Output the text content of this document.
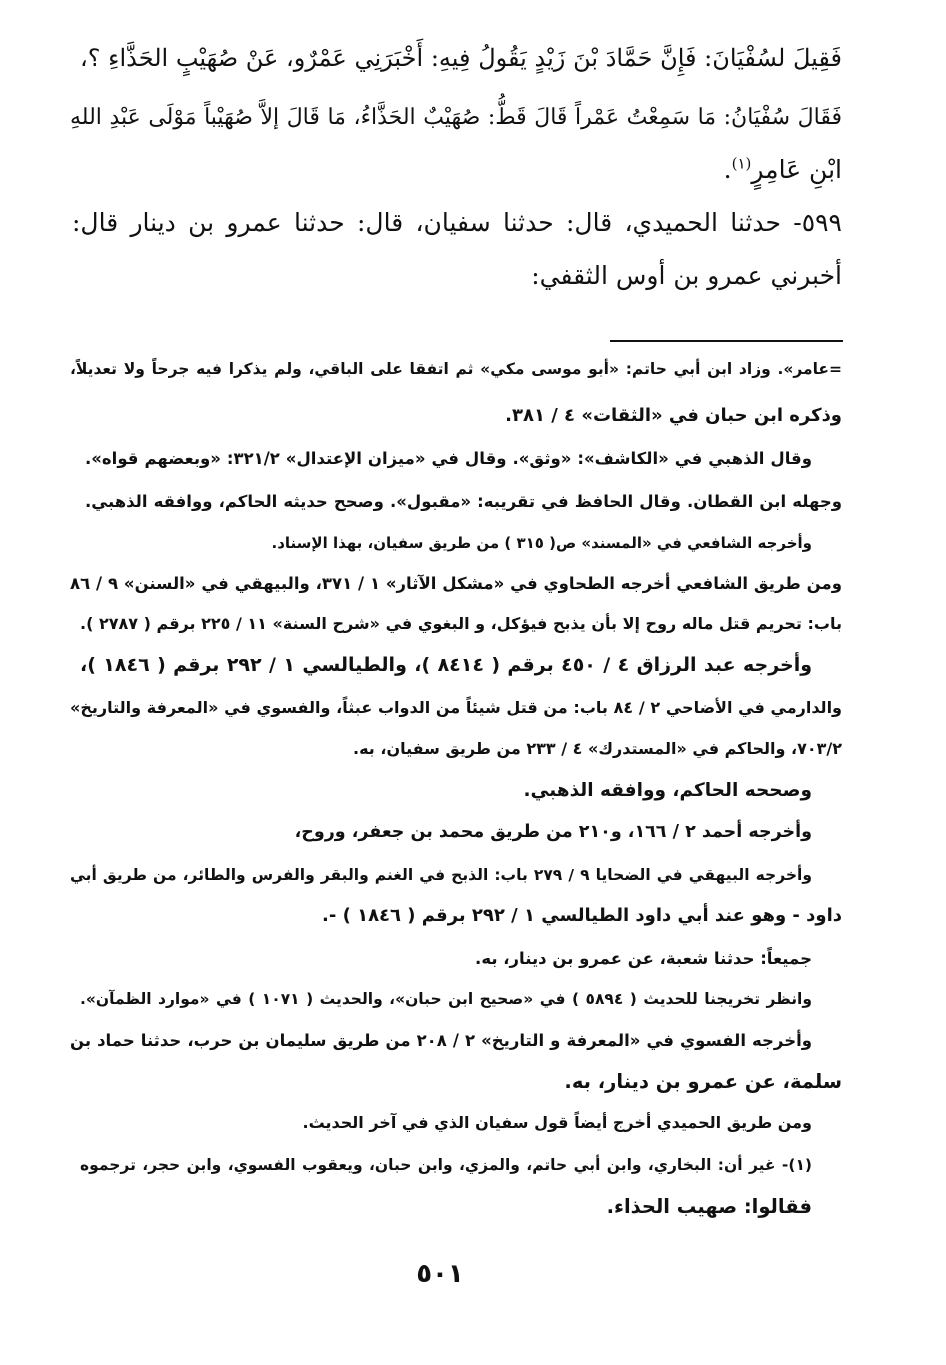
فَقِيلَ لسُفْيَانَ: فَإِنَّ حَمَّادَ بْنَ زَيْدٍ يَقُولُ فِيهِ: أَخْبَرَنِي عَمْرٌو، عَنْ صُهَيْبٍ الحَذَّاءِ ؟،
فَقَالَ سُفْيَانُ: مَا سَمِعْتُ عَمْراً قَالَ قَطُّ: صُهَيْبٌ الحَذَّاءُ، مَا قَالَ إلاَّ صُهَيْباً مَوْلَى عَبْدِ اللهِ
ابْنِ عَامِرٍ$^{(١)}$.
٥٩٩- حدثنا الحميدي، قال: حدثنا سفيان، قال: حدثنا عمرو بن دينار قال:
أخبرني عمرو بن أوس الثقفي:
=عامر». وزاد ابن أبي حاتم: «أبو موسى مكي» ثم اتفقا على الباقي، ولم يذكرا فيه جرحاً ولا تعديلاً،
وذكره ابن حبان في «الثقات» ٤ / ٣٨١.
وقال الذهبي في «الكاشف»: «وثق». وقال في «ميزان الإعتدال» ٣٢١/٢: «وبعضهم قواه».
وجهله ابن القطان. وقال الحافظ في تقريبه: «مقبول». وصحح حديثه الحاكم، ووافقه الذهبي.
وأخرجه الشافعي في «المسند» ص( ٣١٥ ) من طريق سفيان، بهذا الإسناد.
ومن طريق الشافعي أخرجه الطحاوي في «مشكل الآثار» ١ / ٣٧١، والبيهقي في «السنن» ٩ / ٨٦
باب: تحريم قتل ماله روح إلا بأن يذبح فيؤكل، و البغوي في «شرح السنة» ١١ / ٢٢٥ برقم ( ٢٧٨٧ ).
وأخرجه عبد الرزاق ٤ / ٤٥٠ برقم ( ٨٤١٤ )، والطيالسي ١ / ٢٩٢ برقم ( ١٨٤٦ )،
والدارمي في الأضاحي ٢ / ٨٤ باب: من قتل شيئاً من الدواب عبثاً، والفسوي في «المعرفة والتاريخ»
٧٠٣/٢، والحاكم في «المستدرك» ٤ / ٢٣٣ من طريق سفيان، به.
وصححه الحاكم، ووافقه الذهبي.
وأخرجه أحمد ٢ / ١٦٦، و٢١٠ من طريق محمد بن جعفر، وروح،
وأخرجه البيهقي في الضحايا ٩ / ٢٧٩ باب: الذبح في الغنم والبقر والفرس والطائر، من طريق أبي
داود - وهو عند أبي داود الطيالسي ١ / ٢٩٢ برقم ( ١٨٤٦ ) -.
جميعاً: حدثنا شعبة، عن عمرو بن دينار، به.
وانظر تخريجنا للحديث ( ٥٨٩٤ ) في «صحيح ابن حبان»، والحديث ( ١٠٧١ ) في «موارد الظمآن».
وأخرجه الفسوي في «المعرفة و التاريخ» ٢ / ٢٠٨ من طريق سليمان بن حرب، حدثنا حماد بن
سلمة، عن عمرو بن دينار، به.
ومن طريق الحميدي أخرج أيضاً قول سفيان الذي في آخر الحديث.
(١)- غير أن: البخاري، وابن أبي حاتم، والمزي، وابن حبان، ويعقوب الفسوي، وابن حجر، ترجموه
فقالوا: صهيب الحذاء.
٥٠١
